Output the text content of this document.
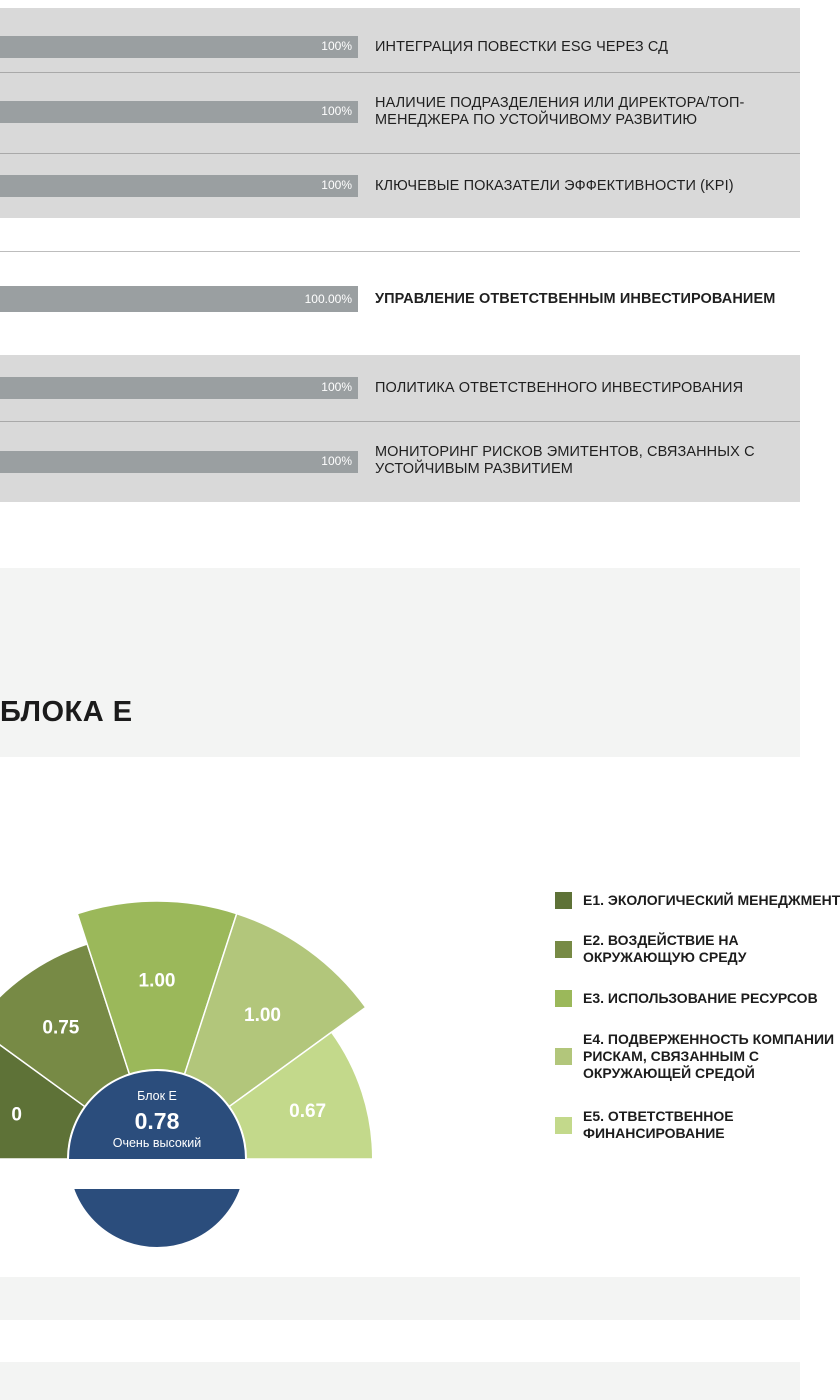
100% ИНТЕГРАЦИЯ ПОВЕСТКИ ESG ЧЕРЕЗ СД
100% НАЛИЧИЕ ПОДРАЗДЕЛЕНИЯ ИЛИ ДИРЕКТОРА/ТОП-
МЕНЕДЖЕРА ПО УСТОЙЧИВОМУ РАЗВИТИЮ
100% КЛЮЧЕВЫЕ ПОКАЗАТЕЛИ ЭФФЕКТИВНОСТИ (KPI)
100.00% УПРАВЛЕНИЕ ОТВЕТСТВЕННЫМ ИНВЕСТИРОВАНИЕМ
100% ПОЛИТИКА ОТВЕТСТВЕННОГО ИНВЕСТИРОВАНИЯ
100%
МОНИТОРИНГ РИСКОВ ЭМИТЕНТОВ, СВЯЗАННЫХ С
УСТОЙЧИВЫМ РАЗВИТИЕМ
БЛОКА Е
0
0.75
1.00
1.00
0.67
Блок Е
0.78
Очень высокий
E1. ЭКОЛОГИЧЕСКИЙ МЕНЕДЖМЕНТ
E2. ВОЗДЕЙСТВИЕ НА
ОКРУЖАЮЩУЮ СРЕДУ
E3. ИСПОЛЬЗОВАНИЕ РЕСУРСОВ
E4. ПОДВЕРЖЕННОСТЬ КОМПАНИИ
РИСКАМ, СВЯЗАННЫМ С
ОКРУЖАЮЩЕЙ СРЕДОЙ
E5. ОТВЕТСТВЕННОЕ
ФИНАНСИРОВАНИЕ
